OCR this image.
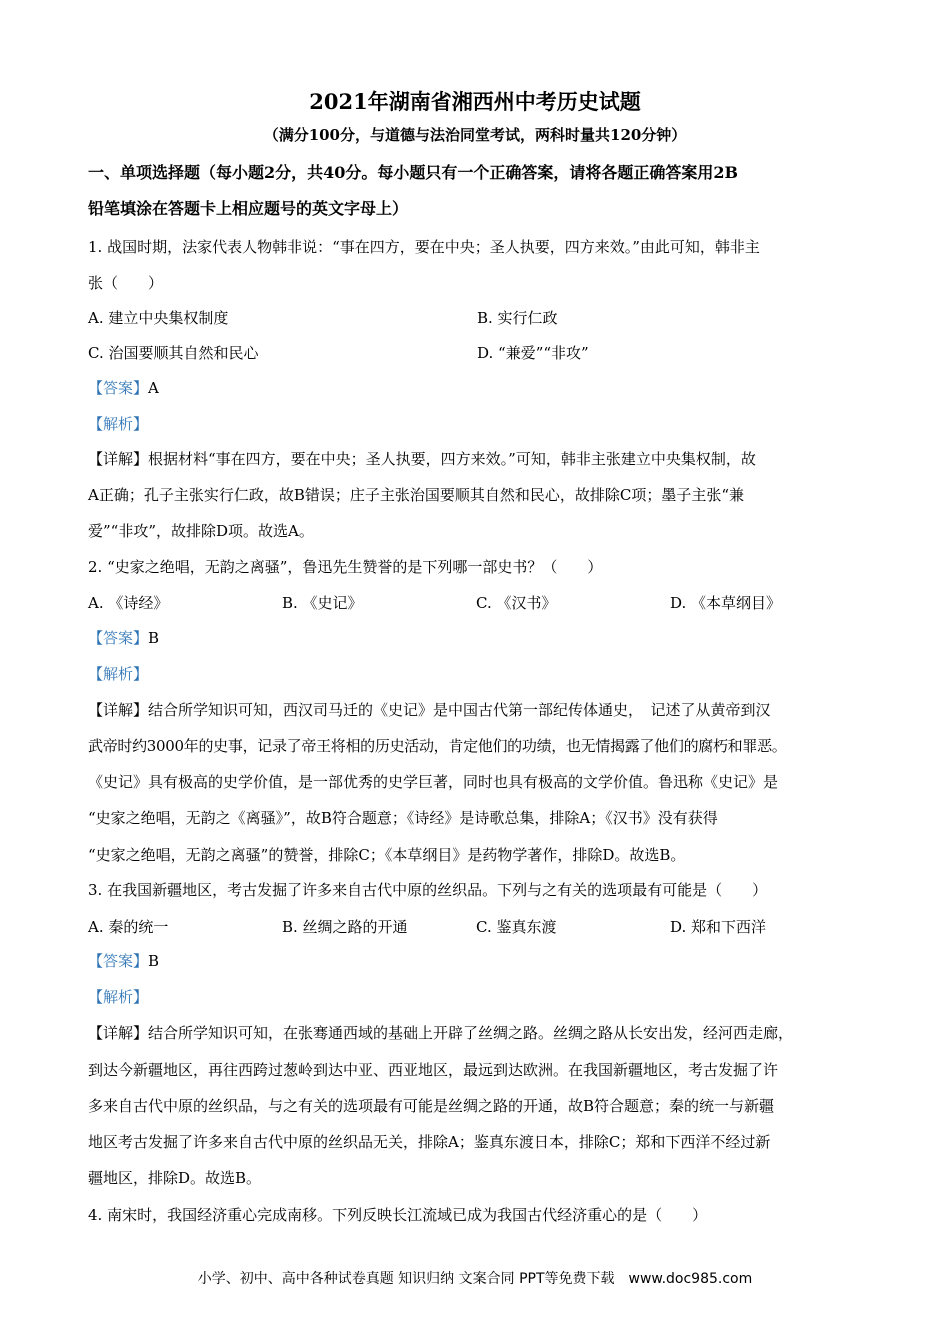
2021年湖南省湘西州中考历史试题
（满分100分，与道德与法治同堂考试，两科时量共120分钟）
一、单项选择题（每小题2分，共40分。每小题只有一个正确答案，请将各题正确答案用2B
铅笔填涂在答题卡上相应题号的英文字母上）
1. 战国时期，法家代表人物韩非说：“事在四方，要在中央；圣人执要，四方来效。”由此可知，韩非主
张（　　）
A. 建立中央集权制度	B. 实行仁政
C. 治国要顺其自然和民心	D. “兼爱”“非攻”
【答案】A
【解析】
【详解】根据材料“事在四方，要在中央；圣人执要，四方来效。”可知，韩非主张建立中央集权制，故
A正确；孔子主张实行仁政，故B错误；庄子主张治国要顺其自然和民心，故排除C项；墨子主张“兼
爱”“非攻”，故排除D项。故选A。
2. “史家之绝唱，无韵之离骚”，鲁迅先生赞誉的是下列哪一部史书？（　　）
A. 《诗经》	B. 《史记》	C. 《汉书》	D. 《本草纲目》
【答案】B
【解析】
【详解】结合所学知识可知，西汉司马迁的《史记》是中国古代第一部纪传体通史，　记述了从黄帝到汉
武帝时约3000年的史事，记录了帝王将相的历史活动，肯定他们的功绩，也无情揭露了他们的腐朽和罪恶。
《史记》具有极高的史学价值，是一部优秀的史学巨著，同时也具有极高的文学价值。鲁迅称《史记》是
“史家之绝唱，无韵之《离骚》”，故B符合题意；《诗经》是诗歌总集，排除A；《汉书》没有获得
“史家之绝唱，无韵之离骚”的赞誉，排除C；《本草纲目》是药物学著作，排除D。故选B。
3. 在我国新疆地区，考古发掘了许多来自古代中原的丝织品。下列与之有关的选项最有可能是（　　）
A. 秦的统一	B. 丝绸之路的开通	C. 鉴真东渡	D. 郑和下西洋
【答案】B
【解析】
【详解】结合所学知识可知，在张骞通西域的基础上开辟了丝绸之路。丝绸之路从长安出发，经河西走廊，
到达今新疆地区，再往西跨过葱岭到达中亚、西亚地区，最远到达欧洲。在我国新疆地区，考古发掘了许
多来自古代中原的丝织品，与之有关的选项最有可能是丝绸之路的开通，故B符合题意；秦的统一与新疆
地区考古发掘了许多来自古代中原的丝织品无关，排除A；鉴真东渡日本，排除C；郑和下西洋不经过新
疆地区，排除D。故选B。
4. 南宋时，我国经济重心完成南移。下列反映长江流域已成为我国古代经济重心的是（　　）
小学、初中、高中各种试卷真题 知识归纳 文案合同 PPT等免费下载　www.doc985.com
